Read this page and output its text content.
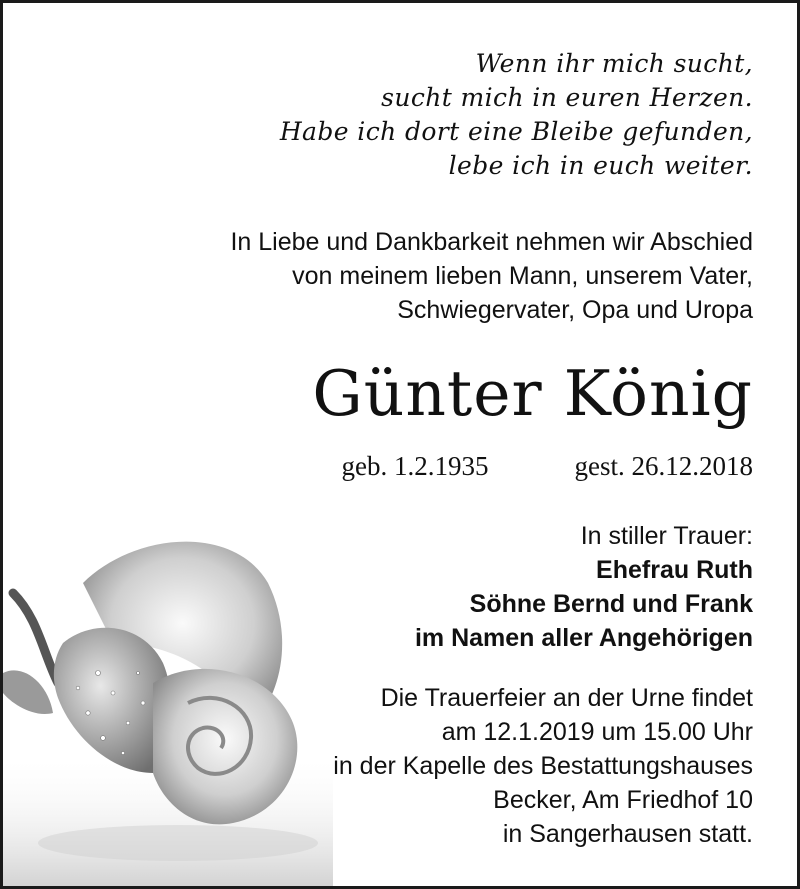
Wenn ihr mich sucht,
sucht mich in euren Herzen.
Habe ich dort eine Bleibe gefunden,
lebe ich in euch weiter.
In Liebe und Dankbarkeit nehmen wir Abschied
von meinem lieben Mann, unserem Vater,
Schwiegervater, Opa und Uropa
Günter König
geb. 1.2.1935	gest. 26.12.2018
In stiller Trauer:
Ehefrau Ruth
Söhne Bernd und Frank
im Namen aller Angehörigen
Die Trauerfeier an der Urne findet
am 12.1.2019 um 15.00 Uhr
in der Kapelle des Bestattungshauses
Becker, Am Friedhof 10
in Sangerhausen statt.
